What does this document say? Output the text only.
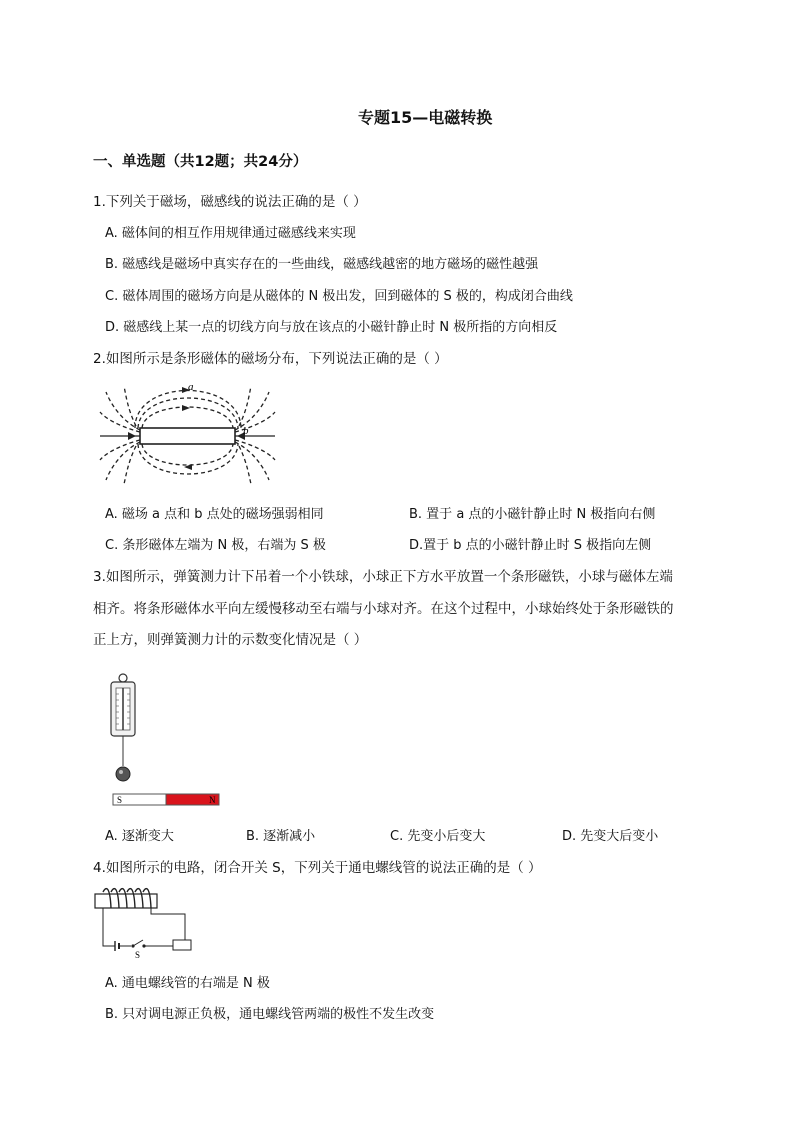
专题15—电磁转换
一、单选题（共12题；共24分）
1.下列关于磁场，磁感线的说法正确的是（ ）
A. 磁体间的相互作用规律通过磁感线来实现
B. 磁感线是磁场中真实存在的一些曲线，磁感线越密的地方磁场的磁性越强
C. 磁体周围的磁场方向是从磁体的 N 极出发，回到磁体的 S 极的，构成闭合曲线
D. 磁感线上某一点的切线方向与放在该点的小磁针静止时 N 极所指的方向相反
2.如图所示是条形磁体的磁场分布，下列说法正确的是（ ）
a
b
A. 磁场 a 点和 b 点处的磁场强弱相同	B. 置于 a 点的小磁针静止时 N 极指向右侧
C. 条形磁体左端为 N 极，右端为 S 极	D.置于 b 点的小磁针静止时 S 极指向左侧
3.如图所示，弹簧测力计下吊着一个小铁球，小球正下方水平放置一个条形磁铁，小球与磁体左端
相齐。将条形磁体水平向左缓慢移动至右端与小球对齐。在这个过程中，小球始终处于条形磁铁的
正上方，则弹簧测力计的示数变化情况是（ ）
S	N
A. 逐渐变大	B. 逐渐减小	C. 先变小后变大	D. 先变大后变小
4.如图所示的电路，闭合开关 S，下列关于通电螺线管的说法正确的是（ ）
S
A. 通电螺线管的右端是 N 极
B. 只对调电源正负极，通电螺线管两端的极性不发生改变
